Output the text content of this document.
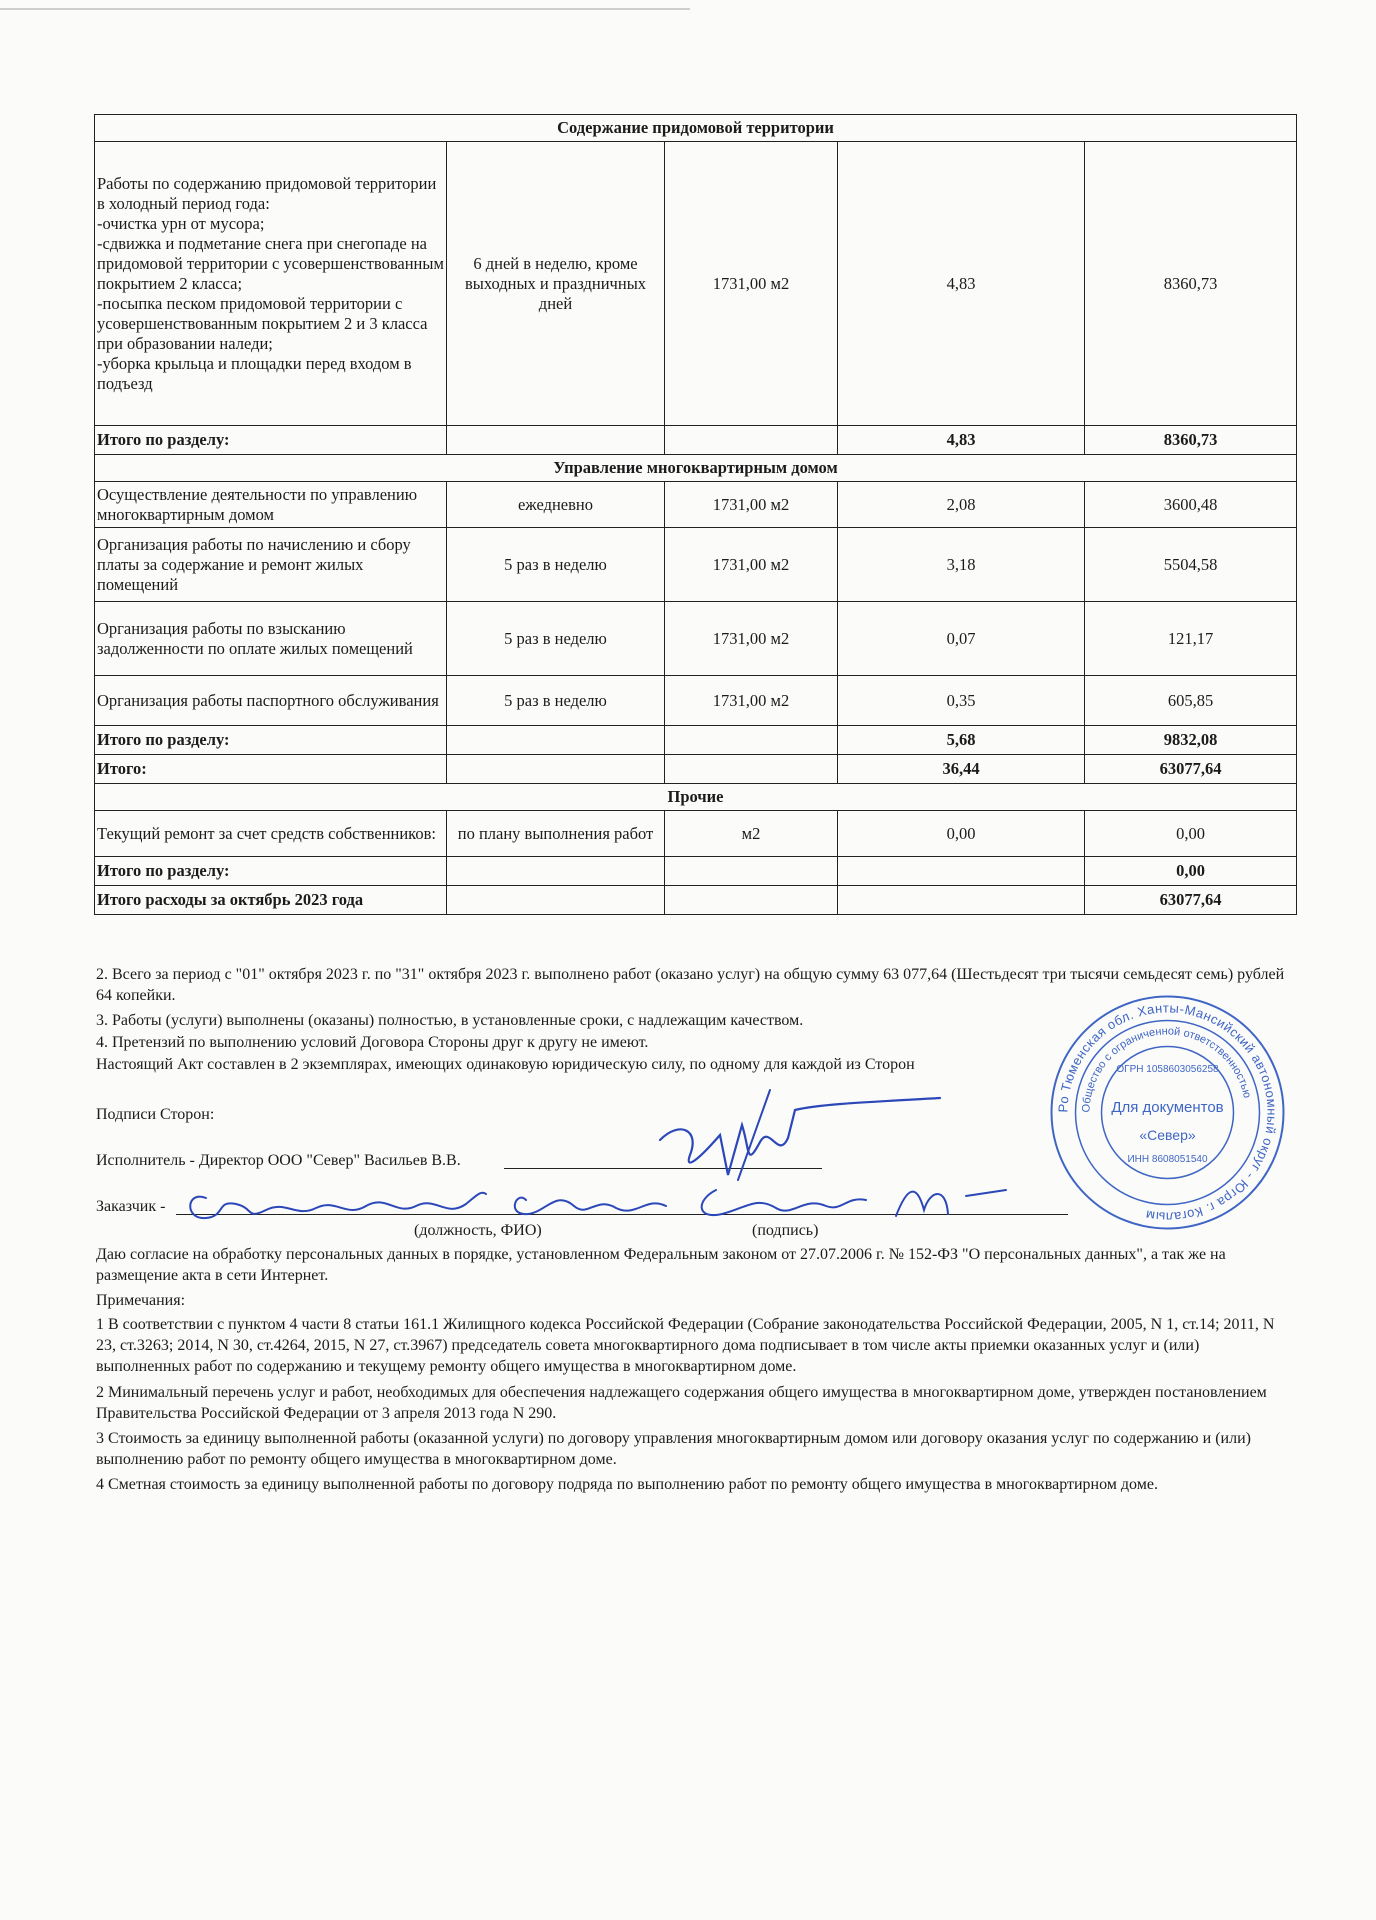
Содержание придомовой территории				
Работы по содержанию придомовой территории в холодный период года:
-очистка урн от мусора;
-сдвижка и подметание снега при снегопаде на придомовой территории с усовершенствованным покрытием 2 класса;
-посыпка песком придомовой территории с усовершенствованным покрытием 2 и 3 класса при образовании наледи;
-уборка крыльца и площадки перед входом в подъезд	6 дней в неделю, кроме выходных и праздничных дней	1731,00 м2	4,83	8360,73
Итого по разделу:			4,83	8360,73
Управление многоквартирным домом				
Осуществление деятельности по управлению многоквартирным домом	ежедневно	1731,00 м2	2,08	3600,48
Организация работы по начислению и сбору платы за содержание и ремонт жилых помещений	5 раз в неделю	1731,00 м2	3,18	5504,58
Организация работы по взысканию задолженности по оплате жилых помещений	5 раз в неделю	1731,00 м2	0,07	121,17
Организация работы паспортного обслуживания	5 раз в неделю	1731,00 м2	0,35	605,85
Итого по разделу:			5,68	9832,08
Итого:			36,44	63077,64
Прочие				
Текущий ремонт за счет средств собственников:	по плану выполнения работ	м2	0,00	0,00
Итого по разделу:				0,00
Итого расходы за октябрь 2023 года				63077,64
2. Всего за период с "01" октября 2023 г. по "31" октября 2023 г. выполнено работ (оказано услуг) на общую сумму 63 077,64 (Шестьдесят три тысячи семьдесят семь) рублей 64 копейки.
3. Работы (услуги) выполнены (оказаны) полностью, в установленные сроки, с надлежащим качеством.
4. Претензий по выполнению условий Договора Стороны друг к другу не имеют.
Настоящий Акт составлен в 2 экземплярах, имеющих одинаковую юридическую силу, по одному для каждой из Сторон
Подписи Сторон:
Исполнитель - Директор ООО "Север" Васильев В.В.
Заказчик -
(должность, ФИО)	(подпись)
Даю согласие на обработку персональных данных в порядке, установленном Федеральным законом от 27.07.2006 г. № 152-ФЗ "О персональных данных", а так же на размещение акта в сети Интернет.
Примечания:
1 В соответствии с пунктом 4 части 8 статьи 161.1 Жилищного кодекса Российской Федерации (Собрание законодательства Российской Федерации, 2005, N 1, ст.14; 2011, N 23, ст.3263; 2014, N 30, ст.4264, 2015, N 27, ст.3967) председатель совета многоквартирного дома подписывает в том числе акты приемки оказанных услуг и (или) выполненных работ по содержанию и текущему ремонту общего имущества в многоквартирном доме.
2 Минимальный перечень услуг и работ, необходимых для обеспечения надлежащего содержания общего имущества в многоквартирном доме, утвержден постановлением Правительства Российской Федерации от 3 апреля 2013 года N 290.
3 Стоимость за единицу выполненной работы (оказанной услуги) по договору управления многоквартирным домом или договору оказания услуг по содержанию и (или) выполнению работ по ремонту общего имущества в многоквартирном доме.
4 Сметная стоимость за единицу выполненной работы по договору подряда по выполнению работ по ремонту общего имущества в многоквартирном доме.
Ро Тюменская обл. Ханты-Мансийский автономный округ - Югра г. Когалым
Общество с ограниченной ответственностью
ОГРН 1058603056258
Для документов
«Север»
ИНН 8608051540
